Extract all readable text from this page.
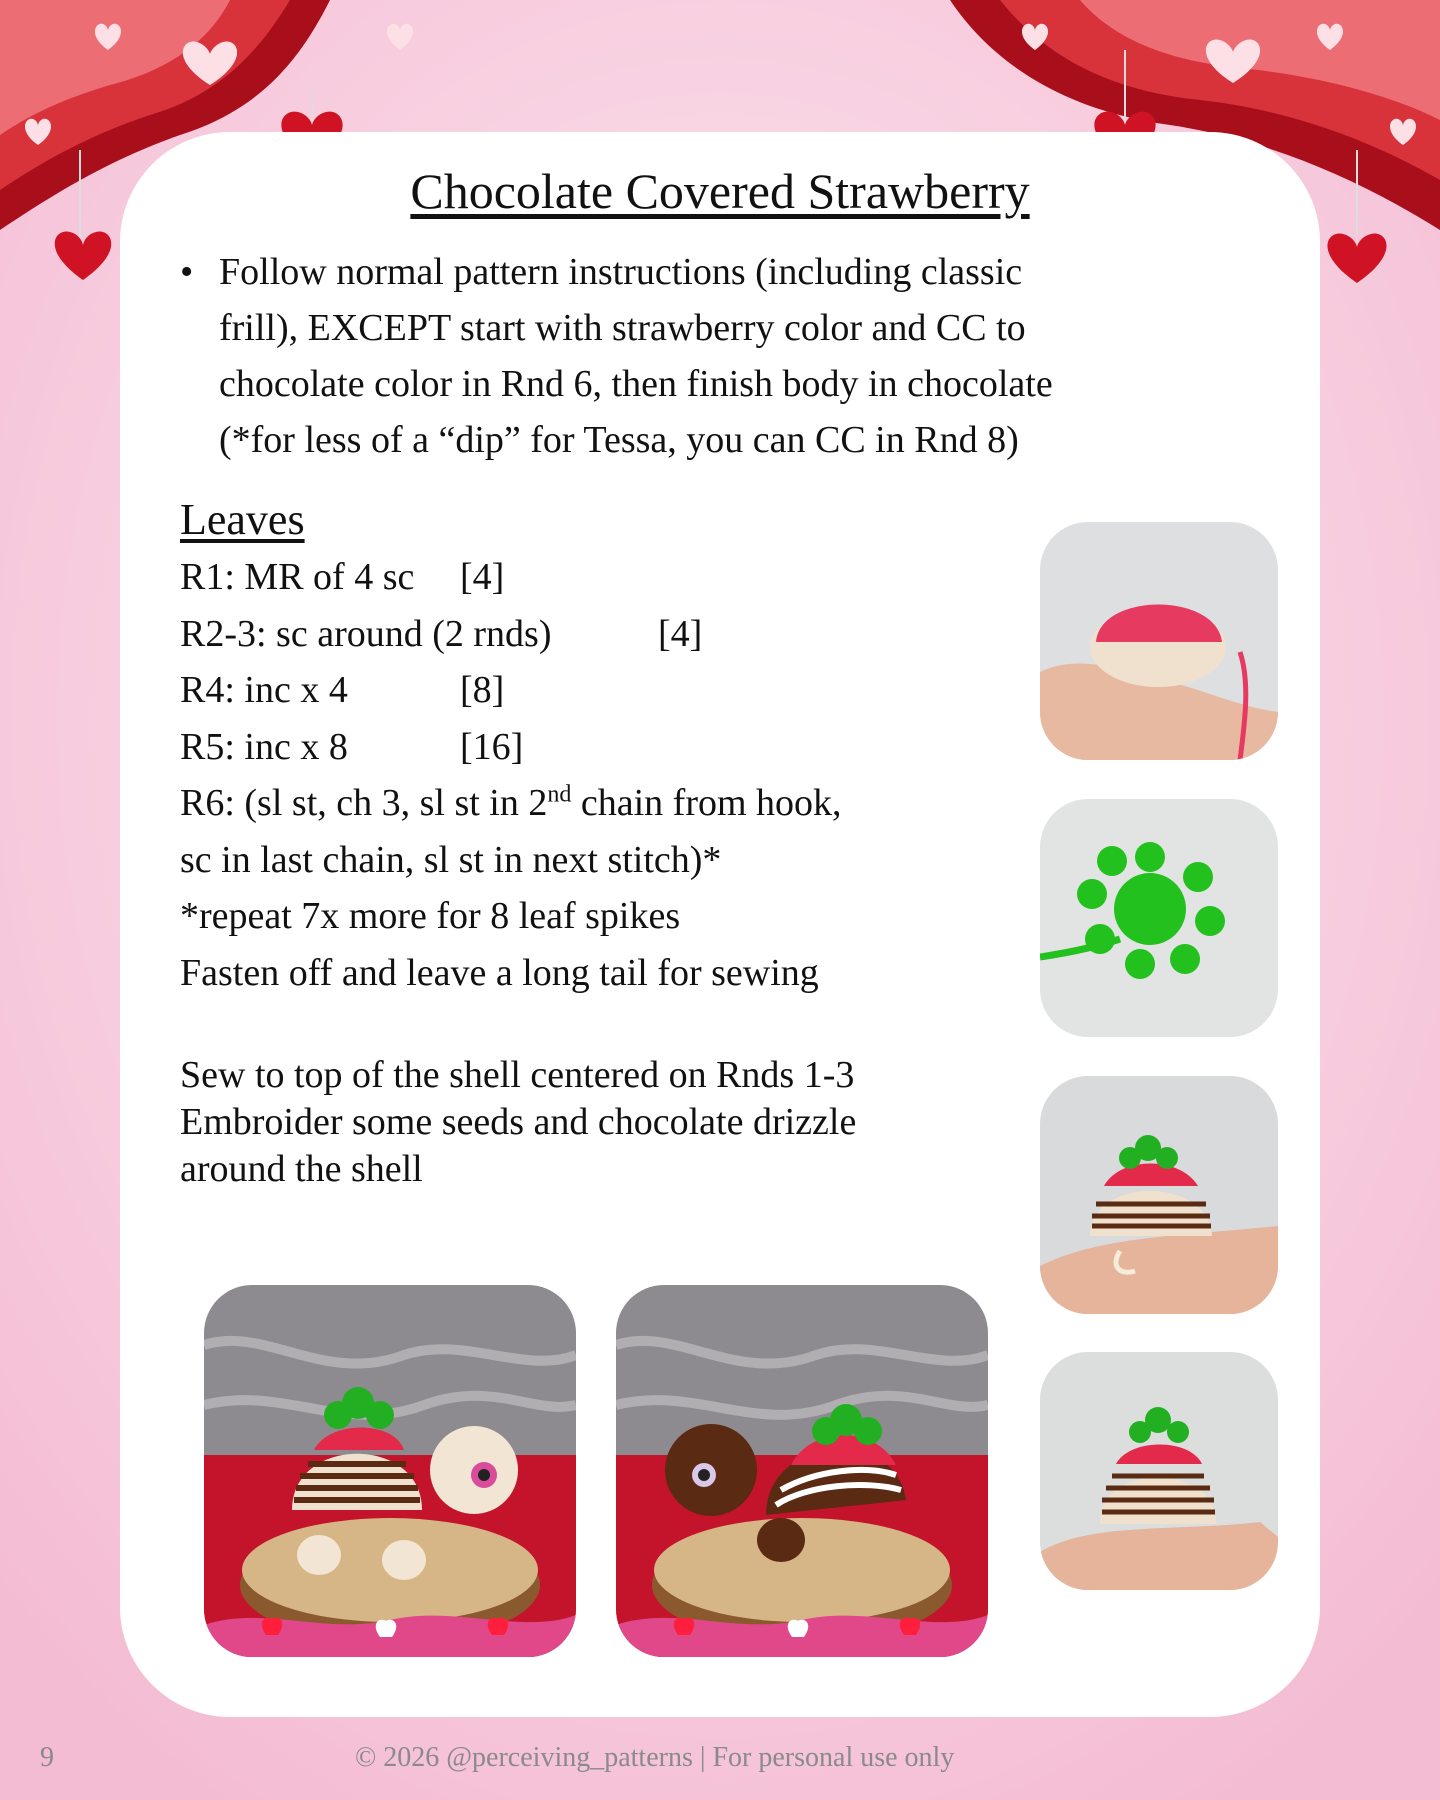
Chocolate Covered Strawberry
• Follow normal pattern instructions (including classic
frill), EXCEPT start with strawberry color and CC to
chocolate color in Rnd 6, then finish body in chocolate
(*for less of a “dip” for Tessa, you can CC in Rnd 8)
Leaves
R1: MR of 4 sc [4]
R2-3: sc around (2 rnds)	[4]
R4: inc x 4	[8]
R5: inc x 8	[16]
R6: (sl st, ch 3, sl st in 2nd chain from hook,
sc in last chain, sl st in next stitch)*
*repeat 7x more for 8 leaf spikes
Fasten off and leave a long tail for sewing
Sew to top of the shell centered on Rnds 1-3
Embroider some seeds and chocolate drizzle
around the shell
9	© 2026 @perceiving_patterns | For personal use only
